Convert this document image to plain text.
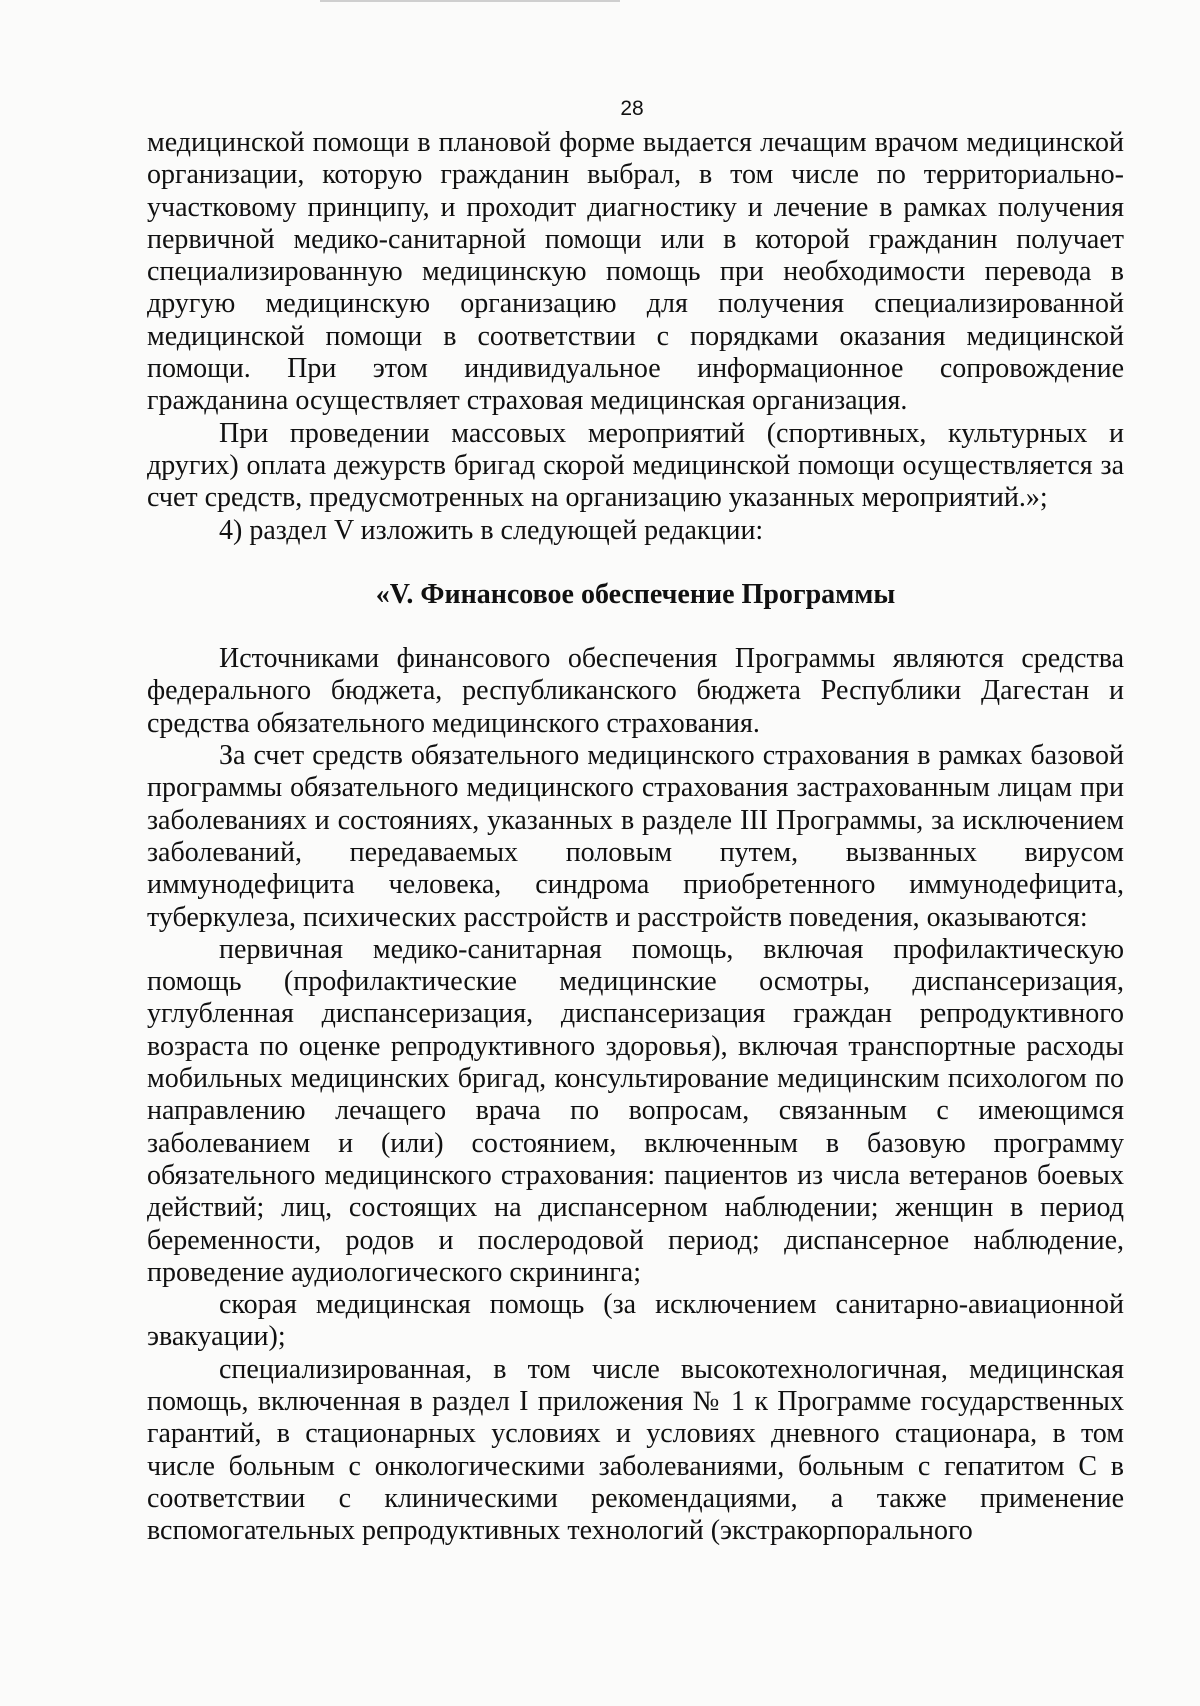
28

медицинской помощи в плановой форме выдается лечащим врачом медицинской организации, которую гражданин выбрал, в том числе по территориально-участковому принципу, и проходит диагностику и лечение в рамках получения первичной медико-санитарной помощи или в которой гражданин получает специализированную медицинскую помощь при необходимости перевода в другую медицинскую организацию для получения специализированной медицинской помощи в соответствии с порядками оказания медицинской помощи. При этом индивидуальное информационное сопровождение гражданина осуществляет страховая медицинская организация.

При проведении массовых мероприятий (спортивных, культурных и других) оплата дежурств бригад скорой медицинской помощи осуществляется за счет средств, предусмотренных на организацию указанных мероприятий.»;

4) раздел V изложить в следующей редакции:

«V. Финансовое обеспечение Программы

Источниками финансового обеспечения Программы являются средства федерального бюджета, республиканского бюджета Республики Дагестан и средства обязательного медицинского страхования.

За счет средств обязательного медицинского страхования в рамках базовой программы обязательного медицинского страхования застрахованным лицам при заболеваниях и состояниях, указанных в разделе III Программы, за исключением заболеваний, передаваемых половым путем, вызванных вирусом иммунодефицита человека, синдрома приобретенного иммунодефицита, туберкулеза, психических расстройств и расстройств поведения, оказываются:

первичная медико-санитарная помощь, включая профилактическую помощь (профилактические медицинские осмотры, диспансеризация, углубленная диспансеризация, диспансеризация граждан репродуктивного возраста по оценке репродуктивного здоровья), включая транспортные расходы мобильных медицинских бригад, консультирование медицинским психологом по направлению лечащего врача по вопросам, связанным с имеющимся заболеванием и (или) состоянием, включенным в базовую программу обязательного медицинского страхования: пациентов из числа ветеранов боевых действий; лиц, состоящих на диспансерном наблюдении; женщин в период беременности, родов и послеродовой период; диспансерное наблюдение, проведение аудиологического скрининга;

скорая медицинская помощь (за исключением санитарно-авиационной эвакуации);

специализированная, в том числе высокотехнологичная, медицинская помощь, включенная в раздел I приложения № 1 к Программе государственных гарантий, в стационарных условиях и условиях дневного стационара, в том числе больным с онкологическими заболеваниями, больным с гепатитом С в соответствии с клиническими рекомендациями, а также применение вспомогательных репродуктивных технологий (экстракорпорального
